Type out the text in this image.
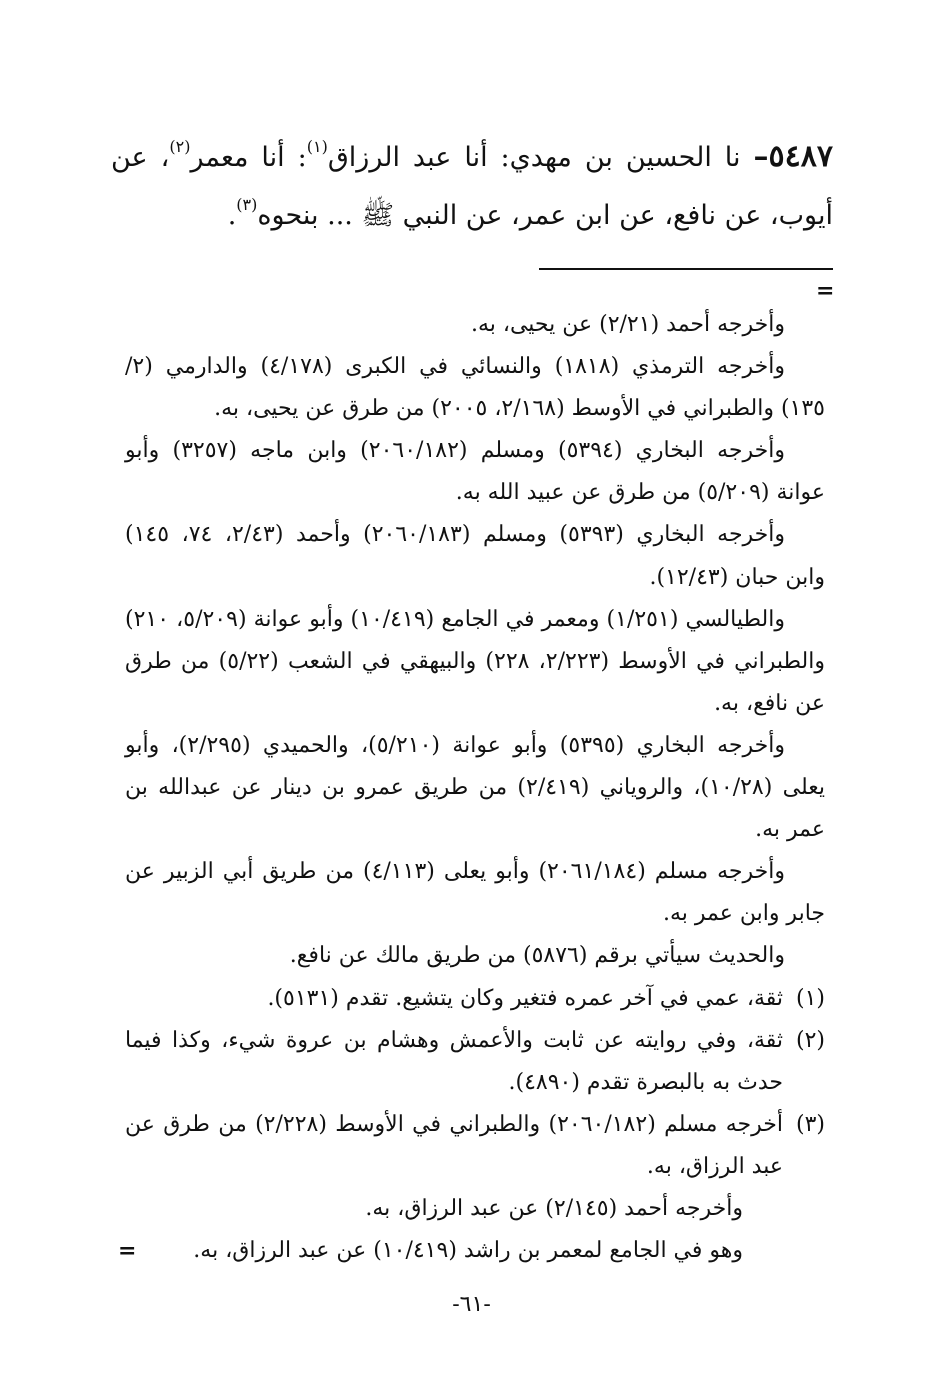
٥٤٨٧– نا الحسين بن مهدي: أنا عبد الرزاق$^{(١)}$: أنا معمر$^{(٢)}$، عن أيوب، عن نافع، عن ابن عمر، عن النبي ﷺ ... بنحوه$^{(٣)}$.

=

وأخرجه أحمد (٢/٢١) عن يحيى، به.

وأخرجه الترمذي (١٨١٨) والنسائي في الكبرى (٤/١٧٨) والدارمي (٢/ ١٣٥) والطبراني في الأوسط (٢/١٦٨، ٢٠٠٥) من طرق عن يحيى، به.

وأخرجه البخاري (٥٣٩٤) ومسلم (٢٠٦٠/١٨٢) وابن ماجه (٣٢٥٧) وأبو عوانة (٥/٢٠٩) من طرق عن عبيد الله به.

وأخرجه البخاري (٥٣٩٣) ومسلم (٢٠٦٠/١٨٣) وأحمد (٢/٤٣، ٧٤، ١٤٥) وابن حبان (١٢/٤٣).

والطيالسي (١/٢٥١) ومعمر في الجامع (١٠/٤١٩) وأبو عوانة (٥/٢٠٩، ٢١٠) والطبراني في الأوسط (٢/٢٢٣، ٢٢٨) والبيهقي في الشعب (٥/٢٢) من طرق عن نافع، به.

وأخرجه البخاري (٥٣٩٥) وأبو عوانة (٥/٢١٠)، والحميدي (٢/٢٩٥)، وأبو يعلى (١٠/٢٨)، والروياني (٢/٤١٩) من طريق عمرو بن دينار عن عبدالله بن عمر به.

وأخرجه مسلم (٢٠٦١/١٨٤) وأبو يعلى (٤/١١٣) من طريق أبي الزبير عن جابر وابن عمر به.

والحديث سيأتي برقم (٥٨٧٦) من طريق مالك عن نافع.

(١)ثقة، عمي في آخر عمره فتغير وكان يتشيع. تقدم (٥١٣١).

(٢)ثقة، وفي روايته عن ثابت والأعمش وهشام بن عروة شيء، وكذا فيما حدث به بالبصرة تقدم (٤٨٩٠).

(٣)أخرجه مسلم (٢٠٦٠/١٨٢) والطبراني في الأوسط (٢/٢٢٨) من طرق عن عبد الرزاق، به.

وأخرجه أحمد (٢/١٤٥) عن عبد الرزاق، به.

وهو في الجامع لمعمر بن راشد (١٠/٤١٩) عن عبد الرزاق، به.

=
-٦١-
